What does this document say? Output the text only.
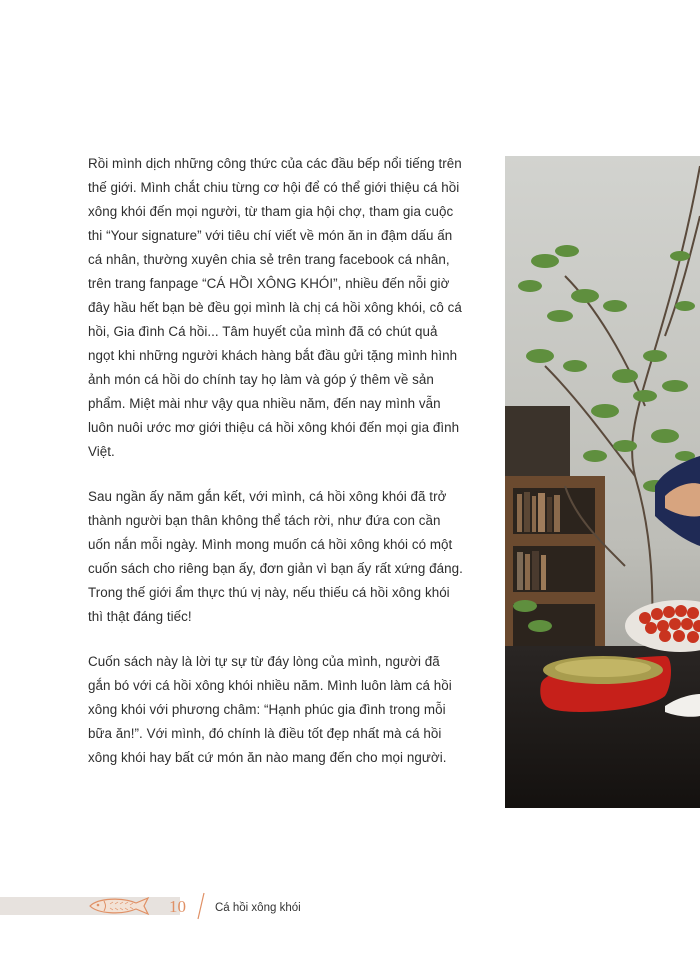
Rồi mình dịch những công thức của các đầu bếp nổi tiếng trên thế giới. Mình chắt chiu từng cơ hội để có thể giới thiệu cá hồi xông khói đến mọi người, từ tham gia hội chợ, tham gia cuộc thi “Your signature” với tiêu chí viết về món ăn in đậm dấu ấn cá nhân, thường xuyên chia sẻ trên trang facebook cá nhân, trên trang fanpage “CÁ HỒI XÔNG KHÓI”, nhiều đến nỗi giờ đây hầu hết bạn bè đều gọi mình là chị cá hồi xông khói, cô cá hồi, Gia đình Cá hồi... Tâm huyết của mình đã có chút quả ngọt khi những người khách hàng bắt đầu gửi tặng mình hình ảnh món cá hồi do chính tay họ làm và góp ý thêm về sản phẩm. Miệt mài như vậy qua nhiều năm, đến nay mình vẫn luôn nuôi ước mơ giới thiệu cá hồi xông khói đến mọi gia đình Việt.

Sau ngần ấy năm gắn kết, với mình, cá hồi xông khói đã trở thành người bạn thân không thể tách rời, như đứa con cần uốn nắn mỗi ngày. Mình mong muốn cá hồi xông khói có một cuốn sách cho riêng bạn ấy, đơn giản vì bạn ấy rất xứng đáng. Trong thế giới ẩm thực thú vị này, nếu thiếu cá hồi xông khói thì thật đáng tiếc!

Cuốn sách này là lời tự sự từ đáy lòng của mình, người đã gắn bó với cá hồi xông khói nhiều năm. Mình luôn làm cá hồi xông khói với phương châm: “Hạnh phúc gia đình trong mỗi bữa ăn!”. Với mình, đó chính là điều tốt đẹp nhất mà cá hồi xông khói hay bất cứ món ăn nào mang đến cho mọi người.

10	Cá hồi xông khói
